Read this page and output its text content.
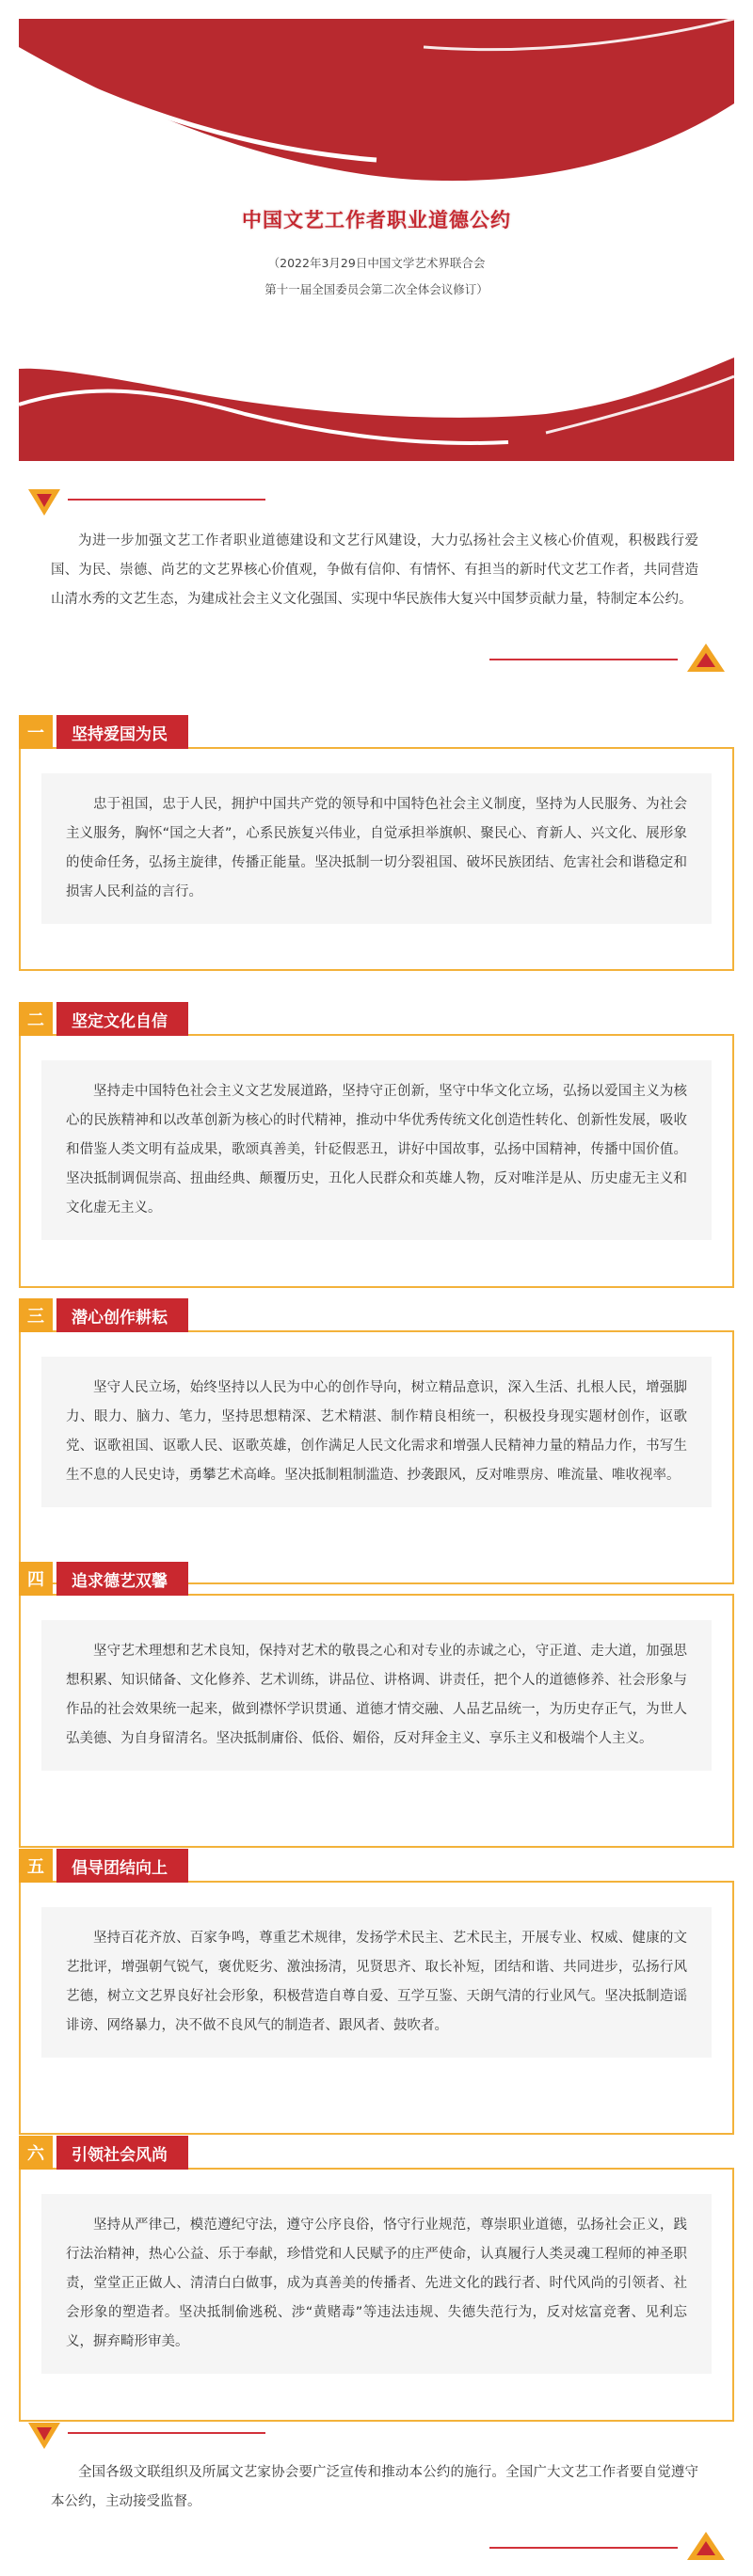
中国文艺工作者职业道德公约
（2022年3月29日中国文学艺术界联合会
第十一届全国委员会第二次全体会议修订）
为进一步加强文艺工作者职业道德建设和文艺行风建设，大力弘扬社会主义核心价值观，积极践行爱国、为民、崇德、尚艺的文艺界核心价值观，争做有信仰、有情怀、有担当的新时代文艺工作者，共同营造山清水秀的文艺生态，为建成社会主义文化强国、实现中华民族伟大复兴中国梦贡献力量，特制定本公约。
忠于祖国，忠于人民，拥护中国共产党的领导和中国特色社会主义制度，坚持为人民服务、为社会主义服务，胸怀“国之大者”，心系民族复兴伟业，自觉承担举旗帜、聚民心、育新人、兴文化、展形象的使命任务，弘扬主旋律，传播正能量。坚决抵制一切分裂祖国、破坏民族团结、危害社会和谐稳定和损害人民利益的言行。
一	坚持爱国为民
坚持走中国特色社会主义文艺发展道路，坚持守正创新，坚守中华文化立场，弘扬以爱国主义为核心的民族精神和以改革创新为核心的时代精神，推动中华优秀传统文化创造性转化、创新性发展，吸收和借鉴人类文明有益成果，歌颂真善美，针砭假恶丑，讲好中国故事，弘扬中国精神，传播中国价值。坚决抵制调侃崇高、扭曲经典、颠覆历史，丑化人民群众和英雄人物，反对唯洋是从、历史虚无主义和文化虚无主义。
二	坚定文化自信
坚守人民立场，始终坚持以人民为中心的创作导向，树立精品意识，深入生活、扎根人民，增强脚力、眼力、脑力、笔力，坚持思想精深、艺术精湛、制作精良相统一，积极投身现实题材创作，讴歌党、讴歌祖国、讴歌人民、讴歌英雄，创作满足人民文化需求和增强人民精神力量的精品力作，书写生生不息的人民史诗，勇攀艺术高峰。坚决抵制粗制滥造、抄袭跟风，反对唯票房、唯流量、唯收视率。
三	潜心创作耕耘
坚守艺术理想和艺术良知，保持对艺术的敬畏之心和对专业的赤诚之心，守正道、走大道，加强思想积累、知识储备、文化修养、艺术训练，讲品位、讲格调、讲责任，把个人的道德修养、社会形象与作品的社会效果统一起来，做到襟怀学识贯通、道德才情交融、人品艺品统一，为历史存正气，为世人弘美德、为自身留清名。坚决抵制庸俗、低俗、媚俗，反对拜金主义、享乐主义和极端个人主义。
四	追求德艺双馨
坚持百花齐放、百家争鸣，尊重艺术规律，发扬学术民主、艺术民主，开展专业、权威、健康的文艺批评，增强朝气锐气，褒优贬劣、激浊扬清，见贤思齐、取长补短，团结和谐、共同进步，弘扬行风艺德，树立文艺界良好社会形象，积极营造自尊自爱、互学互鉴、天朗气清的行业风气。坚决抵制造谣诽谤、网络暴力，决不做不良风气的制造者、跟风者、鼓吹者。
五	倡导团结向上
坚持从严律己，模范遵纪守法，遵守公序良俗，恪守行业规范，尊崇职业道德，弘扬社会正义，践行法治精神，热心公益、乐于奉献，珍惜党和人民赋予的庄严使命，认真履行人类灵魂工程师的神圣职责，堂堂正正做人、清清白白做事，成为真善美的传播者、先进文化的践行者、时代风尚的引领者、社会形象的塑造者。坚决抵制偷逃税、涉“黄赌毒”等违法违规、失德失范行为，反对炫富竞奢、见利忘义，摒弃畸形审美。
六	引领社会风尚
全国各级文联组织及所属文艺家协会要广泛宣传和推动本公约的施行。全国广大文艺工作者要自觉遵守本公约，主动接受监督。
